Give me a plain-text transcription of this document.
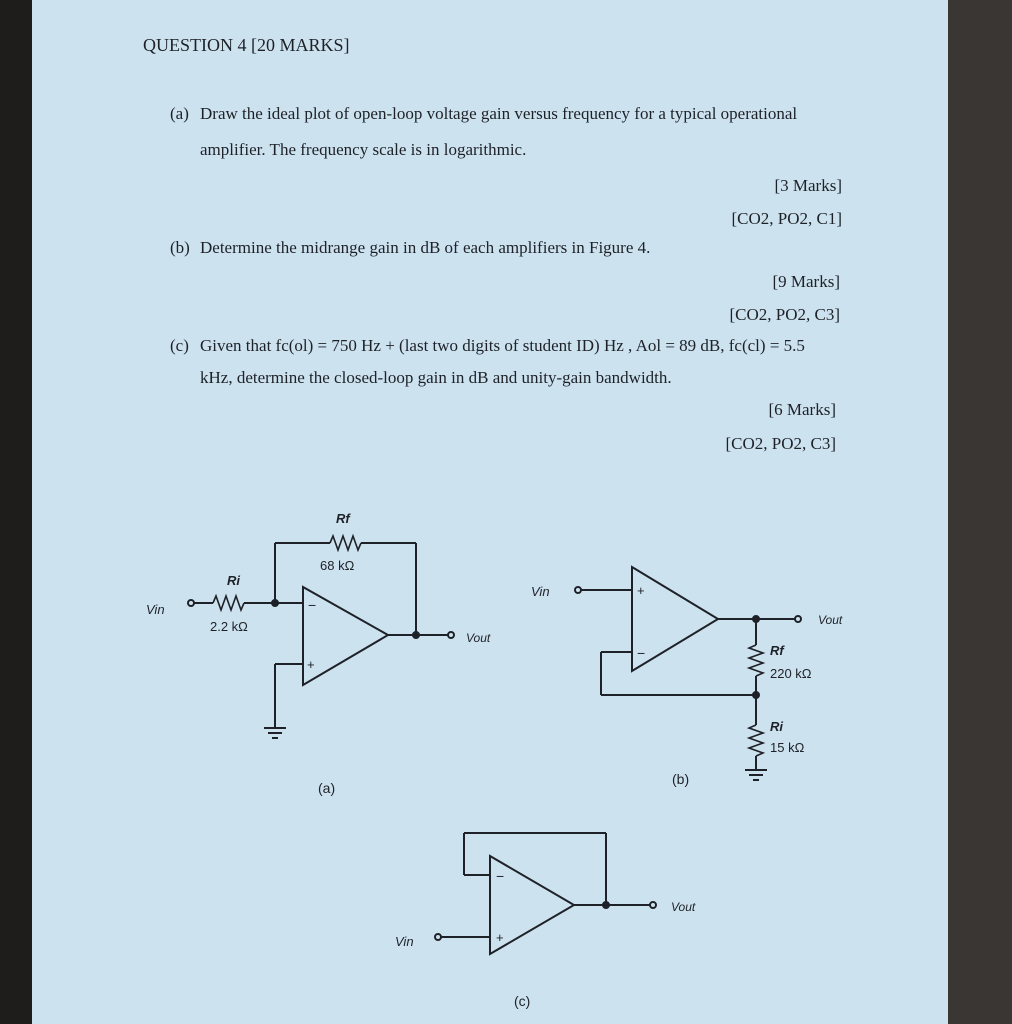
QUESTION 4 [20 MARKS]
(a) Draw the ideal plot of open-loop voltage gain versus frequency for a typical operational
amplifier. The frequency scale is in logarithmic.
[3 Marks]
[CO2, PO2, C1]
(b) Determine the midrange gain in dB of each amplifiers in Figure 4.
[9 Marks]
[CO2, PO2, C3]
(c) Given that fc(ol) = 750 Hz + (last two digits of student ID) Hz , Aol = 89 dB, fc(cl) = 5.5
kHz, determine the closed-loop gain in dB and unity-gain bandwidth.
[6 Marks]
[CO2, PO2, C3]
−
+
Vin
Ri
2.2 kΩ
Rf
68 kΩ
Vout
(a)
+
−
Vin
Vout
Rf
220 kΩ
Ri
15 kΩ
(b)
−
+
Vin
Vout
(c)
